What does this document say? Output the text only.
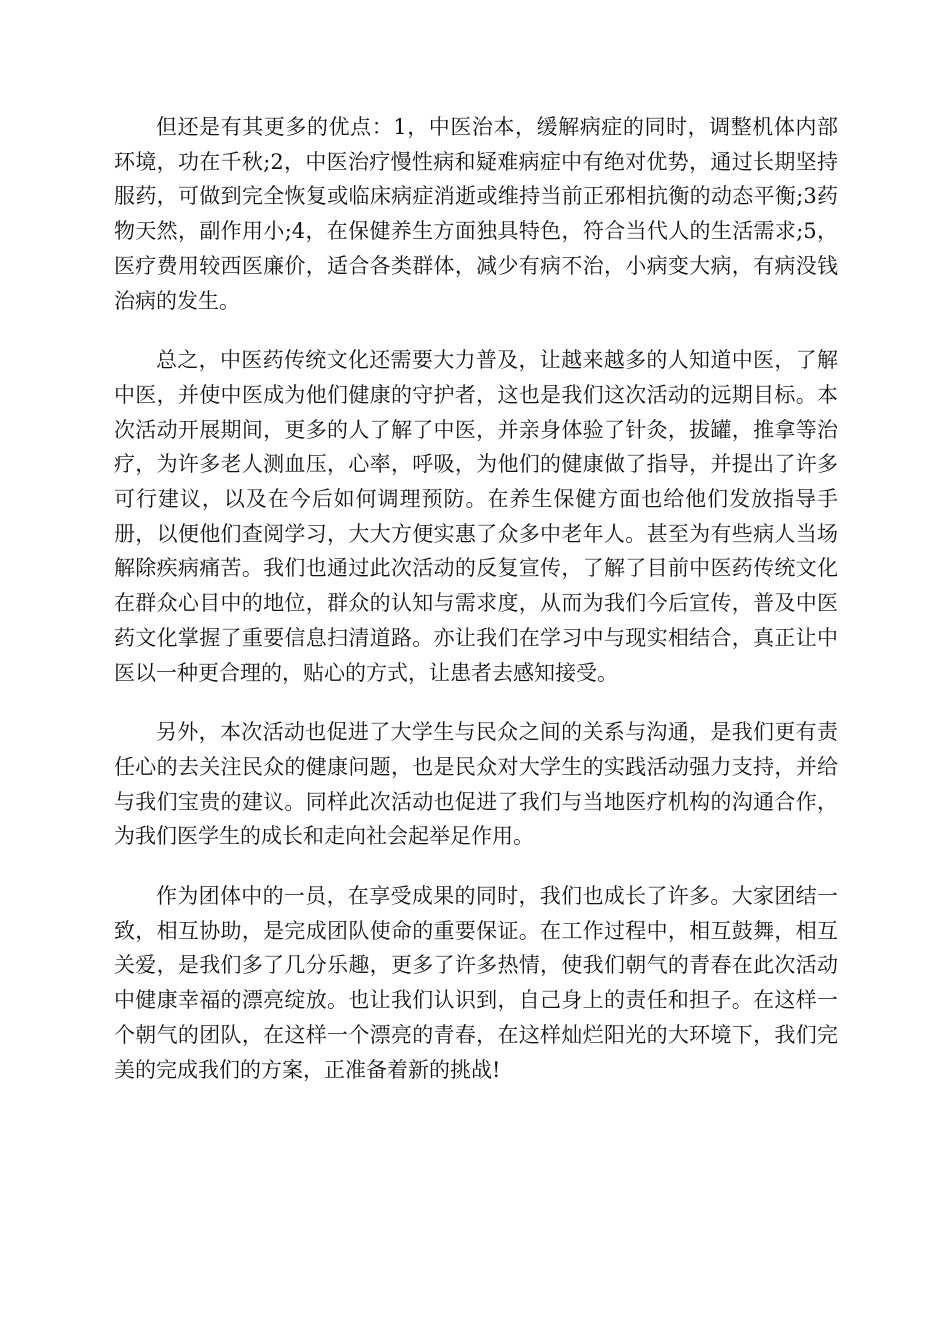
但还是有其更多的优点：1，中医治本，缓解病症的同时，调整机体内部环境，功在千秋;2，中医治疗慢性病和疑难病症中有绝对优势，通过长期坚持服药，可做到完全恢复或临床病症消逝或维持当前正邪相抗衡的动态平衡;3药物天然，副作用小;4，在保健养生方面独具特色，符合当代人的生活需求;5，医疗费用较西医廉价，适合各类群体，减少有病不治，小病变大病，有病没钱治病的发生。

总之，中医药传统文化还需要大力普及，让越来越多的人知道中医，了解中医，并使中医成为他们健康的守护者，这也是我们这次活动的远期目标。本次活动开展期间，更多的人了解了中医，并亲身体验了针灸，拔罐，推拿等治疗，为许多老人测血压，心率，呼吸，为他们的健康做了指导，并提出了许多可行建议，以及在今后如何调理预防。在养生保健方面也给他们发放指导手册，以便他们查阅学习，大大方便实惠了众多中老年人。甚至为有些病人当场解除疾病痛苦。我们也通过此次活动的反复宣传，了解了目前中医药传统文化在群众心目中的地位，群众的认知与需求度，从而为我们今后宣传，普及中医药文化掌握了重要信息扫清道路。亦让我们在学习中与现实相结合，真正让中医以一种更合理的，贴心的方式，让患者去感知接受。

另外，本次活动也促进了大学生与民众之间的关系与沟通，是我们更有责任心的去关注民众的健康问题，也是民众对大学生的实践活动强力支持，并给与我们宝贵的建议。同样此次活动也促进了我们与当地医疗机构的沟通合作，为我们医学生的成长和走向社会起举足作用。

作为团体中的一员，在享受成果的同时，我们也成长了许多。大家团结一致，相互协助，是完成团队使命的重要保证。在工作过程中，相互鼓舞，相互关爱，是我们多了几分乐趣，更多了许多热情，使我们朝气的青春在此次活动中健康幸福的漂亮绽放。也让我们认识到，自己身上的责任和担子。在这样一个朝气的团队，在这样一个漂亮的青春，在这样灿烂阳光的大环境下，我们完美的完成我们的方案，正准备着新的挑战!
